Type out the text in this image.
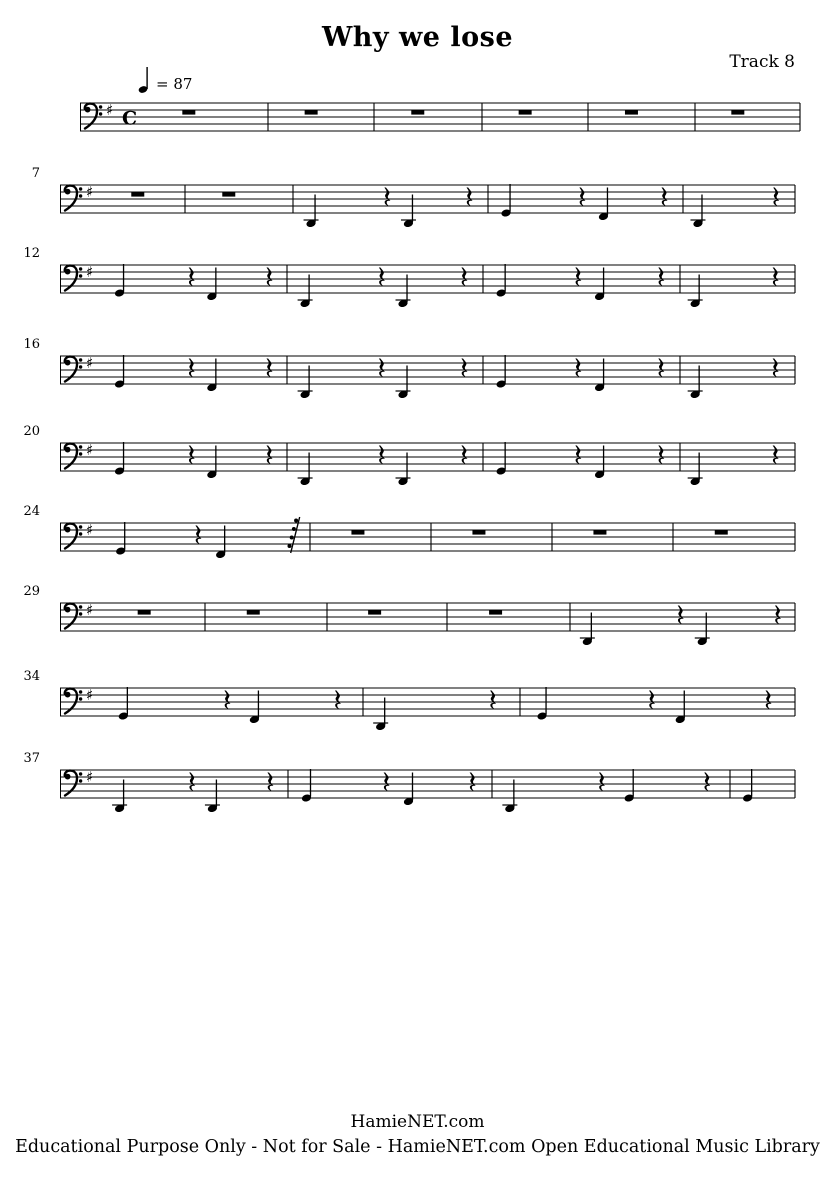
Why we lose
Track 8
= 87
♯ C
7
♯
12
♯
16
♯
20
♯
24
♯
29
♯
34
♯
37
♯
HamieNET.com
Educational Purpose Only - Not for Sale - HamieNET.com Open Educational Music Library
